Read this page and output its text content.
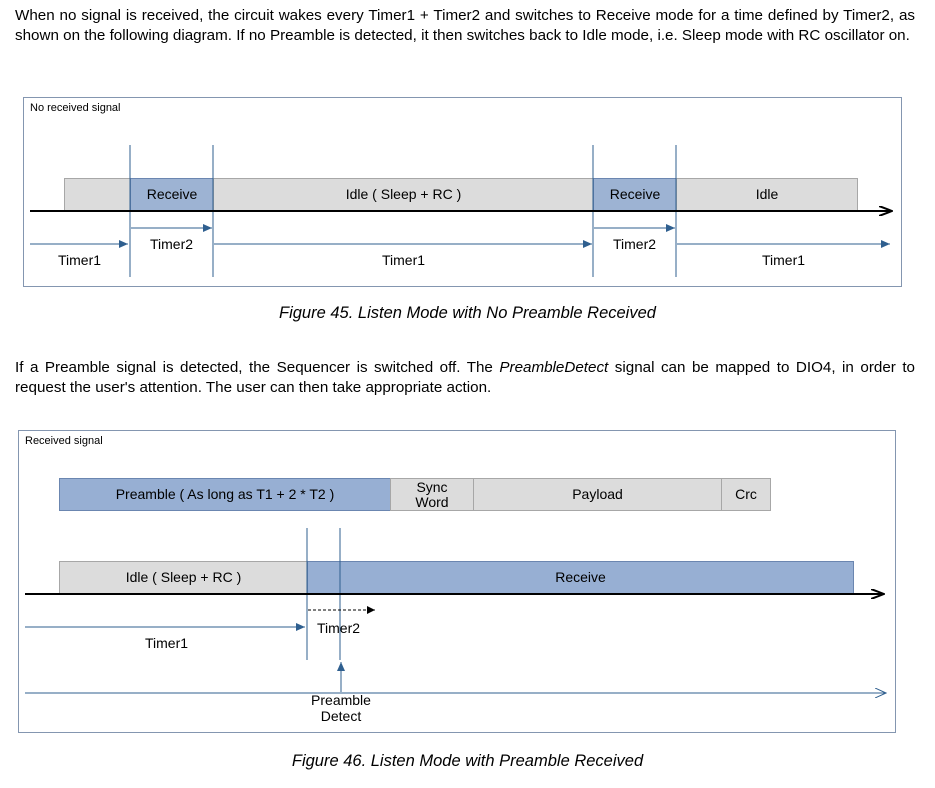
When no signal is received, the circuit wakes every Timer1 + Timer2 and switches to Receive mode for a time defined by Timer2, as shown on the following diagram. If no Preamble is detected, it then switches back to Idle mode, i.e. Sleep mode with RC oscillator on.

No received signal
Receive	Idle ( Sleep + RC )	Receive	Idle
Timer1
Timer2
Timer1
Timer2
Timer1
Figure 45. Listen Mode with No Preamble Received

If a Preamble signal is detected, the Sequencer is switched off. The PreambleDetect signal can be mapped to DIO4, in order to request the user's attention. The user can then take appropriate action.

Received signal
Preamble ( As long as T1 + 2 * T2 )	Sync
Word	Payload	Crc
Idle ( Sleep + RC )	Receive
Timer1
Timer2
Preamble
Detect
Figure 46. Listen Mode with Preamble Received
